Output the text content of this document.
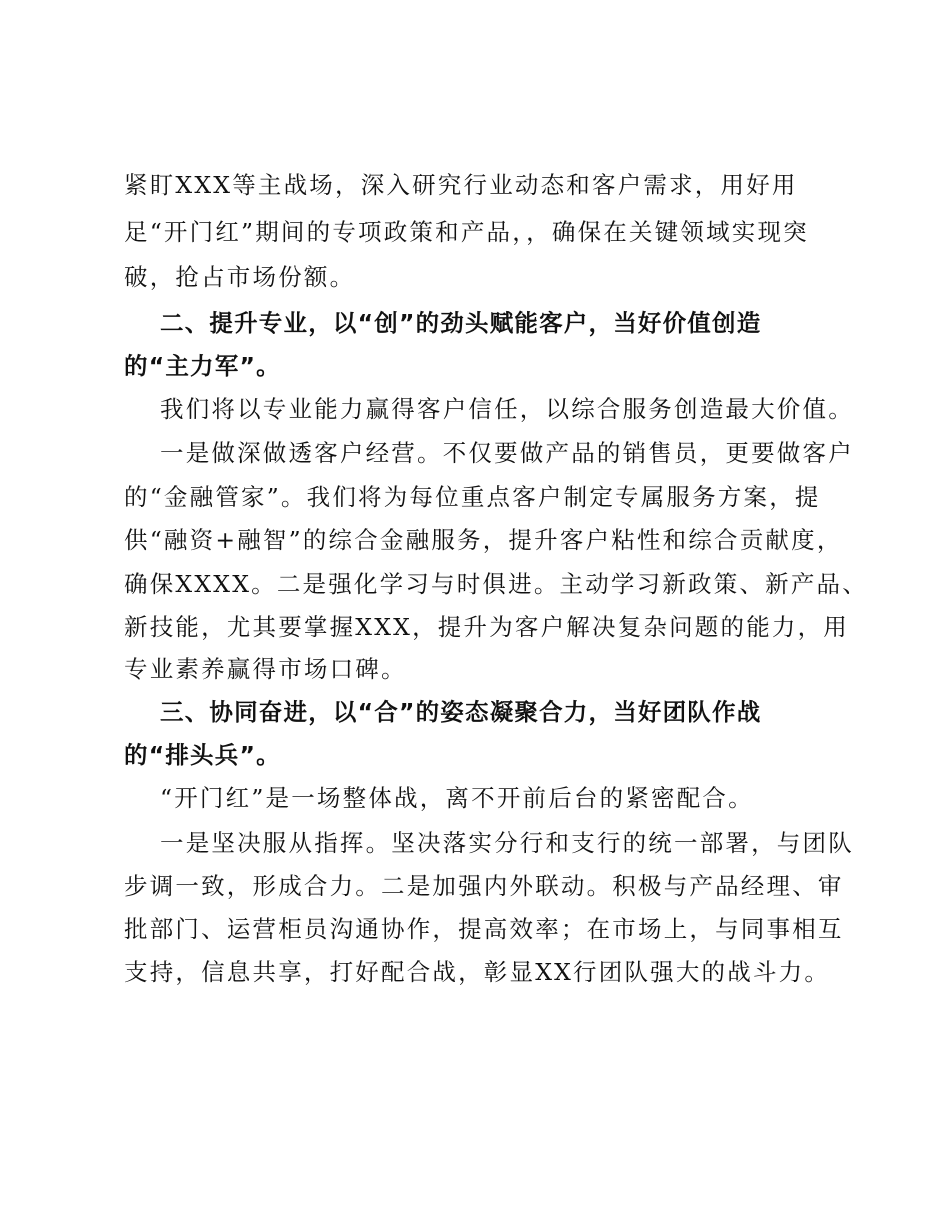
紧盯XXX等主战场，深入研究行业动态和客户需求，用好用
足“开门红”期间的专项政策和产品，，确保在关键领域实现突
破，抢占市场份额。
二、提升专业，以“创”的劲头赋能客户，当好价值创造
的“主力军”。
我们将以专业能力赢得客户信任，以综合服务创造最大价值。
一是做深做透客户经营。不仅要做产品的销售员，更要做客户
的“金融管家”。我们将为每位重点客户制定专属服务方案，提
供“融资+融智”的综合金融服务，提升客户粘性和综合贡献度，
确保XXXX。二是强化学习与时俱进。主动学习新政策、新产品、
新技能，尤其要掌握XXX，提升为客户解决复杂问题的能力，用
专业素养赢得市场口碑。
三、协同奋进，以“合”的姿态凝聚合力，当好团队作战
的“排头兵”。
“开门红”是一场整体战，离不开前后台的紧密配合。
一是坚决服从指挥。坚决落实分行和支行的统一部署，与团队
步调一致，形成合力。二是加强内外联动。积极与产品经理、审
批部门、运营柜员沟通协作，提高效率；在市场上，与同事相互
支持，信息共享，打好配合战，彰显XX行团队强大的战斗力。
